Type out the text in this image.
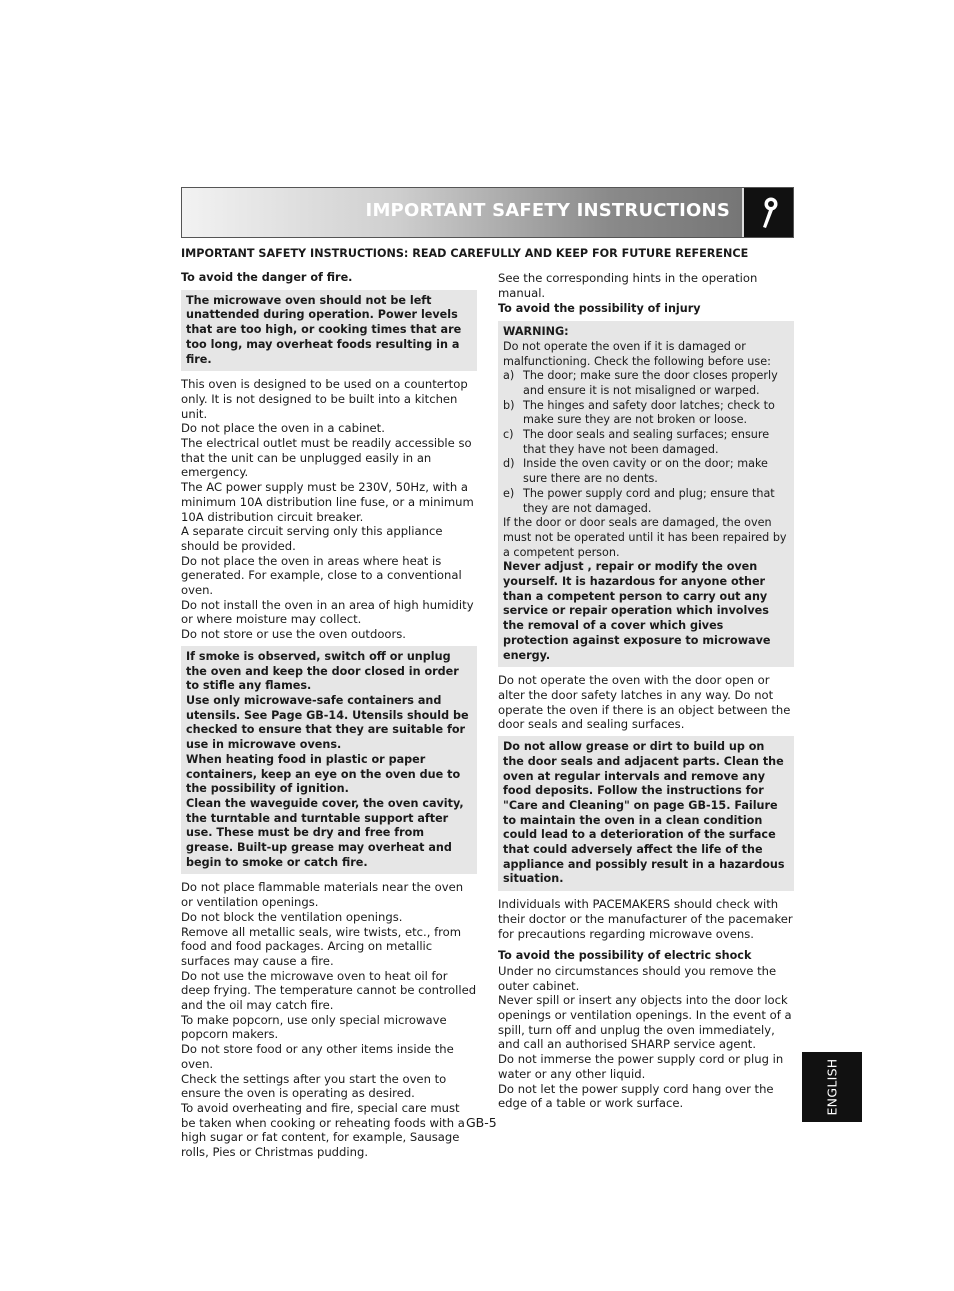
IMPORTANT SAFETY INSTRUCTIONS
IMPORTANT SAFETY INSTRUCTIONS: READ CAREFULLY AND KEEP FOR FUTURE REFERENCE
To avoid the danger of fire.
The microwave oven should not be left unattended during operation. Power levels that are too high, or cooking times that are too long, may overheat foods resulting in a fire.
This oven is designed to be used on a countertop only. It is not designed to be built into a kitchen unit.
Do not place the oven in a cabinet.
The electrical outlet must be readily accessible so that the unit can be unplugged easily in an emergency.
The AC power supply must be 230V, 50Hz, with a minimum 10A distribution line fuse, or a minimum 10A distribution circuit breaker.
A separate circuit serving only this appliance should be provided.
Do not place the oven in areas where heat is generated. For example, close to a conventional oven.
Do not install the oven in an area of high humidity or where moisture may collect.
Do not store or use the oven outdoors.
If smoke is observed, switch off or unplug the oven and keep the door closed in order to stifle any flames.
Use only microwave-safe containers and utensils. See Page GB-14. Utensils should be checked to ensure that they are suitable for use in microwave ovens.
When heating food in plastic or paper containers, keep an eye on the oven due to the possibility of ignition.
Clean the waveguide cover, the oven cavity, the turntable and turntable support after use. These must be dry and free from grease. Built-up grease may overheat and begin to smoke or catch fire.
Do not place flammable materials near the oven or ventilation openings.
Do not block the ventilation openings.
Remove all metallic seals, wire twists, etc., from food and food packages. Arcing on metallic surfaces may cause a fire.
Do not use the microwave oven to heat oil for deep frying. The temperature cannot be controlled and the oil may catch fire.
To make popcorn, use only special microwave popcorn makers.
Do not store food or any other items inside the oven.
Check the settings after you start the oven to ensure the oven is operating as desired.
To avoid overheating and fire, special care must be taken when cooking or reheating foods with a high sugar or fat content, for example, Sausage rolls, Pies or Christmas pudding.
See the corresponding hints in the operation manual.
To avoid the possibility of injury
WARNING:
Do not operate the oven if it is damaged or malfunctioning. Check the following before use:
a) The door; make sure the door closes properly and ensure it is not misaligned or warped.
b) The hinges and safety door latches; check to make sure they are not broken or loose.
c) The door seals and sealing surfaces; ensure that they have not been damaged.
d) Inside the oven cavity or on the door; make sure there are no dents.
e) The power supply cord and plug; ensure that they are not damaged.
If the door or door seals are damaged, the oven must not be operated until it has been repaired by a competent person.
Never adjust , repair or modify the oven yourself. It is hazardous for anyone other than a competent person to carry out any service or repair operation which involves the removal of a cover which gives protection against exposure to microwave energy.
Do not operate the oven with the door open or alter the door safety latches in any way. Do not operate the oven if there is an object between the door seals and sealing surfaces.
Do not allow grease or dirt to build up on the door seals and adjacent parts. Clean the oven at regular intervals and remove any food deposits. Follow the instructions for "Care and Cleaning" on page GB-15. Failure to maintain the oven in a clean condition could lead to a deterioration of the surface that could adversely affect the life of the appliance and possibly result in a hazardous situation.
Individuals with PACEMAKERS should check with their doctor or the manufacturer of the pacemaker for precautions regarding microwave ovens.
To avoid the possibility of electric shock
Under no circumstances should you remove the outer cabinet.
Never spill or insert any objects into the door lock openings or ventilation openings. In the event of a spill, turn off and unplug the oven immediately, and call an authorised SHARP service agent.
Do not immerse the power supply cord or plug in water or any other liquid.
Do not let the power supply cord hang over the edge of a table or work surface.	ENGLISH
GB-5
